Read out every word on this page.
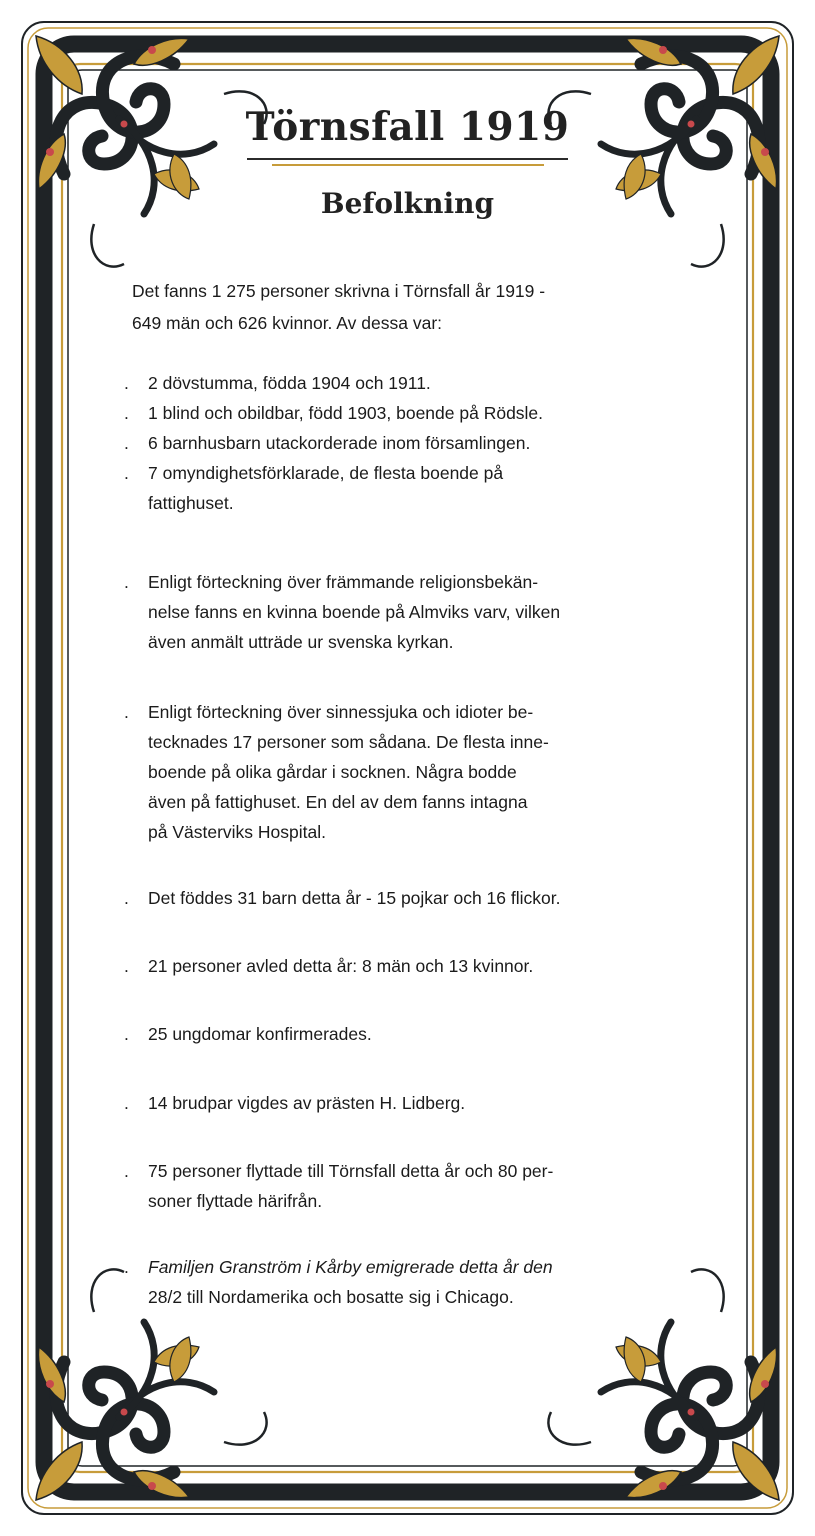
Törnsfall 1919
Befolkning
Det fanns 1 275 personer skrivna i Törnsfall år 1919 -
649 män och 626 kvinnor. Av dessa var:
. 2 dövstumma, födda 1904 och 1911.
. 1 blind och obildbar, född 1903, boende på Rödsle.
. 6 barnhusbarn utackorderade inom församlingen.
. 7 omyndighetsförklarade, de flesta boende på
fattighuset.
. Enligt förteckning över främmande religionsbekän-
nelse fanns en kvinna boende på Almviks varv, vilken
även anmält utträde ur svenska kyrkan.
. Enligt förteckning över sinnessjuka och idioter be-
tecknades 17 personer som sådana. De flesta inne-
boende på olika gårdar i socknen. Några bodde
även på fattighuset. En del av dem fanns intagna
på Västerviks Hospital.
. Det föddes 31 barn detta år - 15 pojkar och 16 flickor.
. 21 personer avled detta år: 8 män och 13 kvinnor.
. 25 ungdomar konfirmerades.
. 14 brudpar vigdes av prästen H. Lidberg.
. 75 personer flyttade till Törnsfall detta år och 80 per-
soner flyttade härifrån.
. Familjen Granström i Kårby emigrerade detta år den
28/2 till Nordamerika och bosatte sig i Chicago.
